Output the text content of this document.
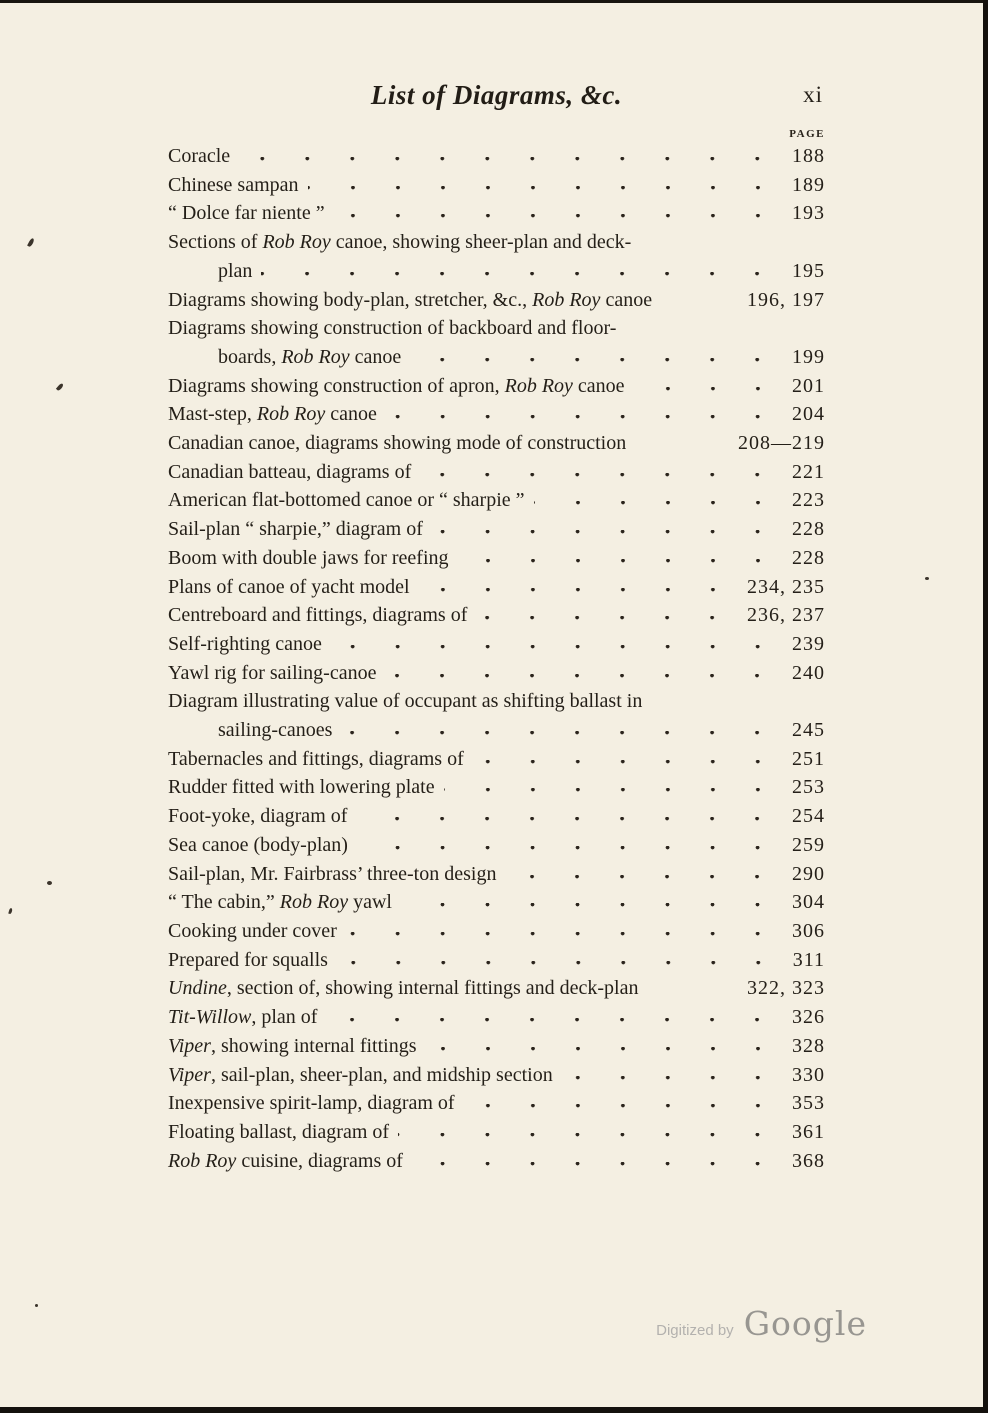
List of Diagrams, &c.	xi
PAGE
Coracle	188
Chinese sampan	189
“ Dolce far niente ”	193
Sections of Rob Roy canoe, showing sheer-plan and deck-
plan	195
Diagrams showing body-plan, stretcher, &c., Rob Roy canoe	196, 197
Diagrams showing construction of backboard and floor-
boards, Rob Roy canoe	199
Diagrams showing construction of apron, Rob Roy canoe	201
Mast-step, Rob Roy canoe	204
Canadian canoe, diagrams showing mode of construction	208—219
Canadian batteau, diagrams of	221
American flat-bottomed canoe or “ sharpie ”	223
Sail-plan “ sharpie,” diagram of	228
Boom with double jaws for reefing	228
Plans of canoe of yacht model	234, 235
Centreboard and fittings, diagrams of	236, 237
Self-righting canoe	239
Yawl rig for sailing-canoe	240
Diagram illustrating value of occupant as shifting ballast in
sailing-canoes	245
Tabernacles and fittings, diagrams of	251
Rudder fitted with lowering plate	253
Foot-yoke, diagram of	254
Sea canoe (body-plan)	259
Sail-plan, Mr. Fairbrass’ three-ton design	290
“ The cabin,” Rob Roy yawl	304
Cooking under cover	306
Prepared for squalls	311
Undine, section of, showing internal fittings and deck-plan	322, 323
Tit-Willow, plan of	326
Viper, showing internal fittings	328
Viper, sail-plan, sheer-plan, and midship section	330
Inexpensive spirit-lamp, diagram of	353
Floating ballast, diagram of	361
Rob Roy cuisine, diagrams of	368
Digitized by Google
